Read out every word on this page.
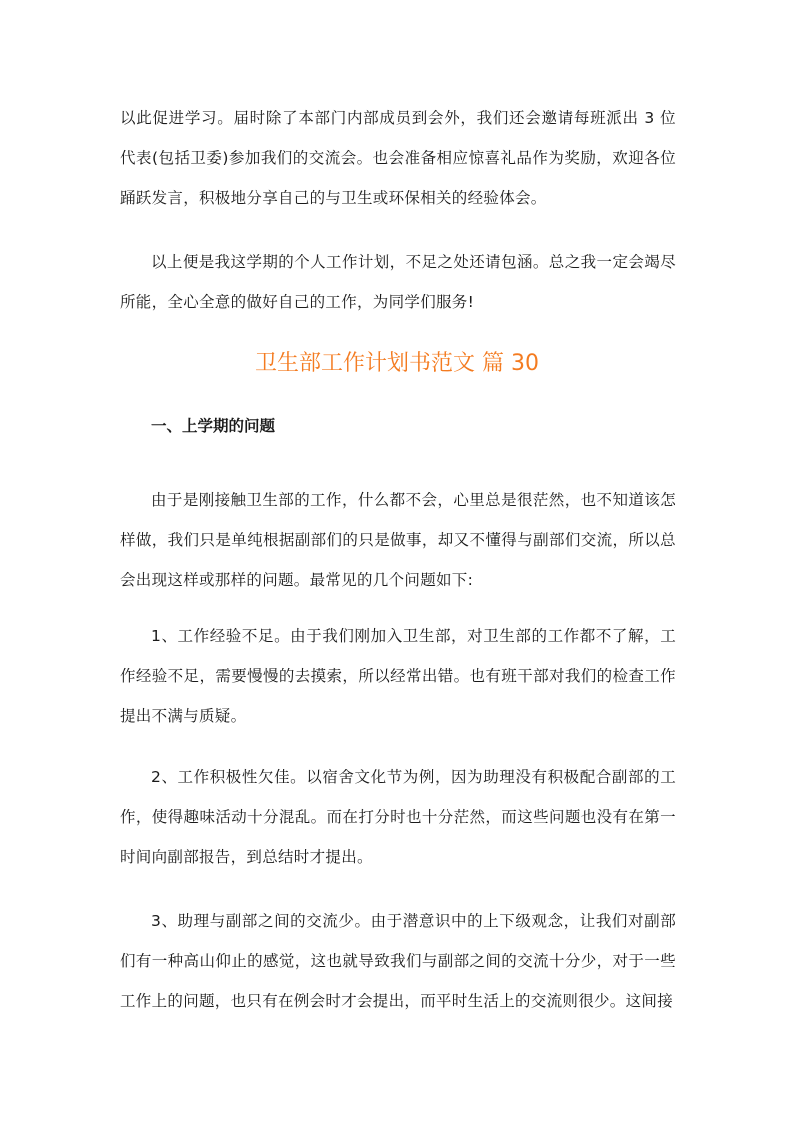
以此促进学习。届时除了本部门内部成员到会外，我们还会邀请每班派出 3 位代表(包括卫委)参加我们的交流会。也会准备相应惊喜礼品作为奖励，欢迎各位踊跃发言，积极地分享自己的与卫生或环保相关的经验体会。

以上便是我这学期的个人工作计划，不足之处还请包涵。总之我一定会竭尽所能，全心全意的做好自己的工作，为同学们服务!

卫生部工作计划书范文 篇 30
一、上学期的问题

由于是刚接触卫生部的工作，什么都不会，心里总是很茫然，也不知道该怎样做，我们只是单纯根据副部们的只是做事，却又不懂得与副部们交流，所以总会出现这样或那样的问题。最常见的几个问题如下:

1、工作经验不足。由于我们刚加入卫生部，对卫生部的工作都不了解，工作经验不足，需要慢慢的去摸索，所以经常出错。也有班干部对我们的检查工作提出不满与质疑。

2、工作积极性欠佳。以宿舍文化节为例，因为助理没有积极配合副部的工作，使得趣味活动十分混乱。而在打分时也十分茫然，而这些问题也没有在第一时间向副部报告，到总结时才提出。

3、助理与副部之间的交流少。由于潜意识中的上下级观念，让我们对副部们有一种高山仰止的感觉，这也就导致我们与副部之间的交流十分少，对于一些工作上的问题，也只有在例会时才会提出，而平时生活上的交流则很少。这间接
